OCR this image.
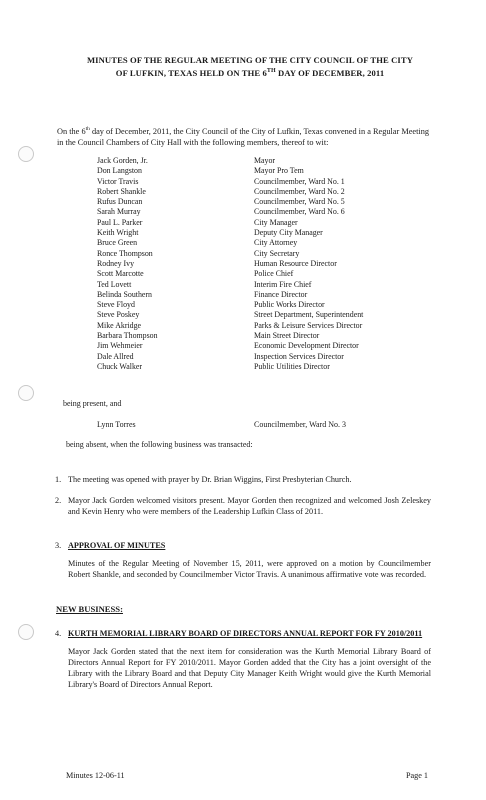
MINUTES OF THE REGULAR MEETING OF THE CITY COUNCIL OF THE CITY
OF LUFKIN, TEXAS HELD ON THE 6TH DAY OF DECEMBER, 2011
On the 6th day of December, 2011, the City Council of the City of Lufkin, Texas convened in a Regular Meeting in the Council Chambers of City Hall with the following members, thereof to wit:
Jack Gorden, Jr.	Mayor
Don Langston	Mayor Pro Tem
Victor Travis	Councilmember, Ward No. 1
Robert Shankle	Councilmember, Ward No. 2
Rufus Duncan	Councilmember, Ward No. 5
Sarah Murray	Councilmember, Ward No. 6
Paul L. Parker	City Manager
Keith Wright	Deputy City Manager
Bruce Green	City Attorney
Ronce Thompson	City Secretary
Rodney Ivy	Human Resource Director
Scott Marcotte	Police Chief
Ted Lovett	Interim Fire Chief
Belinda Southern	Finance Director
Steve Floyd	Public Works Director
Steve Poskey	Street Department, Superintendent
Mike Akridge	Parks & Leisure Services Director
Barbara Thompson	Main Street Director
Jim Wehmeier	Economic Development Director
Dale Allred	Inspection Services Director
Chuck Walker	Public Utilities Director
being present, and
Lynn Torres	Councilmember, Ward No. 3
being absent, when the following business was transacted:
1. The meeting was opened with prayer by Dr. Brian Wiggins, First Presbyterian Church.
2. Mayor Jack Gorden welcomed visitors present. Mayor Gorden then recognized and welcomed Josh Zeleskey and Kevin Henry who were members of the Leadership Lufkin Class of 2011.
3. APPROVAL OF MINUTES
Minutes of the Regular Meeting of November 15, 2011, were approved on a motion by Councilmember Robert Shankle, and seconded by Councilmember Victor Travis. A unanimous affirmative vote was recorded.
NEW BUSINESS:
4. KURTH MEMORIAL LIBRARY BOARD OF DIRECTORS ANNUAL REPORT FOR FY 2010/2011
Mayor Jack Gorden stated that the next item for consideration was the Kurth Memorial Library Board of Directors Annual Report for FY 2010/2011. Mayor Gorden added that the City has a joint oversight of the Library with the Library Board and that Deputy City Manager Keith Wright would give the Kurth Memorial Library's Board of Directors Annual Report.
Minutes 12-06-11	Page 1
